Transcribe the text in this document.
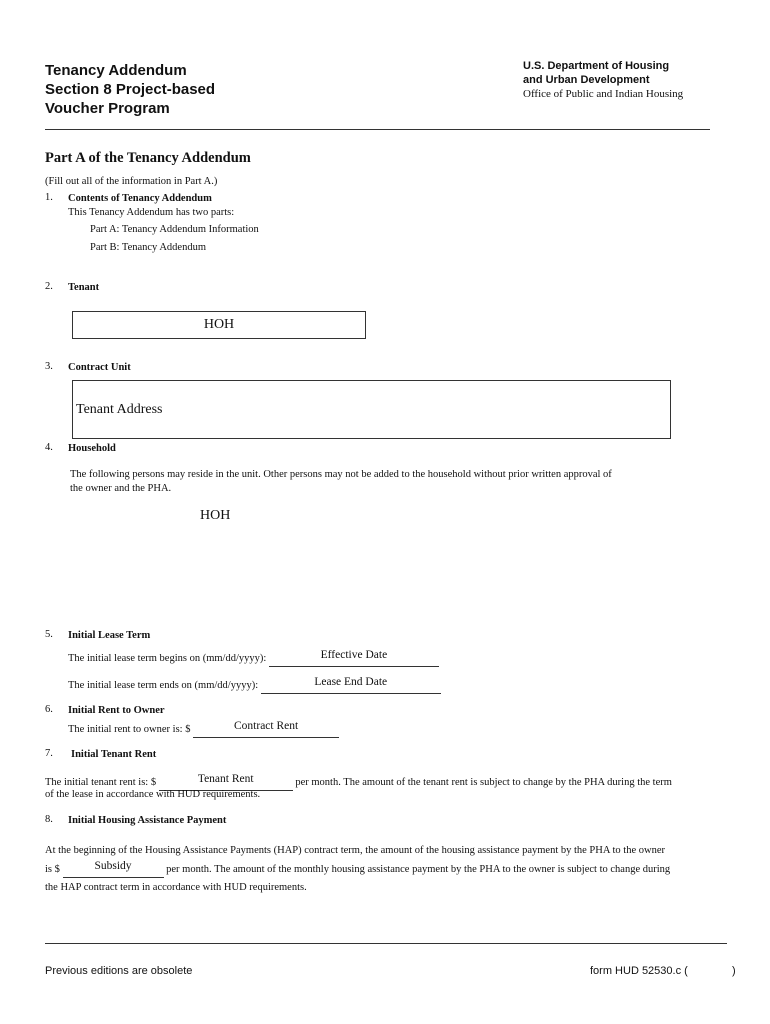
Tenancy Addendum
Section 8 Project-based
Voucher Program
U.S. Department of Housing
and Urban Development
Office of Public and Indian Housing
Part A of the Tenancy Addendum
(Fill out all of the information in Part A.)
1. Contents of Tenancy Addendum
This Tenancy Addendum has two parts:
Part A: Tenancy Addendum Information
Part B: Tenancy Addendum
2. Tenant
HOH
3. Contract Unit
Tenant Address
4. Household
The following persons may reside in the unit. Other persons may not be added to the household without prior written approval of
the owner and the PHA.
HOH
5. Initial Lease Term
The initial lease term begins on (mm/dd/yyyy):	Effective Date
The initial lease term ends on (mm/dd/yyyy):	Lease End Date
6. Initial Rent to Owner
The initial rent to owner is: $	Contract Rent
7. Initial Tenant Rent
The initial tenant rent is: $	Tenant Rent	per month. The amount of the tenant rent is subject to change by the PHA during the term
of the lease in accordance with HUD requirements.
8. Initial Housing Assistance Payment
At the beginning of the Housing Assistance Payments (HAP) contract term, the amount of the housing assistance payment by the PHA to the owner
is $	Subsidy	per month. The amount of the monthly housing assistance payment by the PHA to the owner is subject to change during
the HAP contract term in accordance with HUD requirements.
Previous editions are obsolete	form HUD 52530.c (	)
